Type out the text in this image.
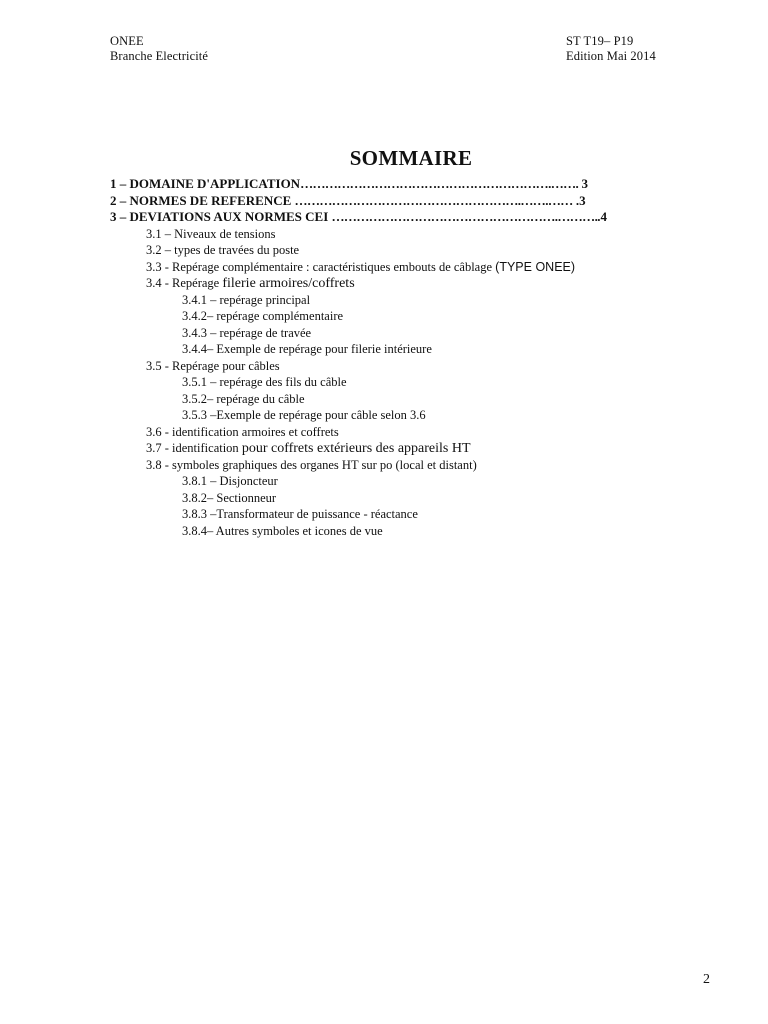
ONEE
Branche Electricité
ST T19– P19
Edition Mai 2014
SOMMAIRE
1 – DOMAINE D'APPLICATION…………………………………………………….……. 3
2 – NORMES DE REFERENCE ……………………………………………….…….…… .3
3 – DEVIATIONS AUX NORMES CEI ……………………………………………….………..4
3.1 – Niveaux de tensions
3.2 – types de travées du poste
3.3 - Repérage complémentaire : caractéristiques embouts de câblage (TYPE ONEE)
3.4 - Repérage filerie armoires/coffrets
3.4.1 – repérage principal
3.4.2– repérage complémentaire
3.4.3 – repérage de travée
3.4.4– Exemple de repérage pour filerie intérieure
3.5 - Repérage pour câbles
3.5.1 – repérage des fils du câble
3.5.2– repérage du câble
3.5.3 –Exemple de repérage pour câble selon 3.6
3.6 - identification armoires et coffrets
3.7 - identification pour coffrets extérieurs des appareils HT
3.8 - symboles graphiques des organes HT sur po (local et distant)
3.8.1 – Disjoncteur
3.8.2– Sectionneur
3.8.3 –Transformateur de puissance - réactance
3.8.4– Autres symboles et icones de vue
2
